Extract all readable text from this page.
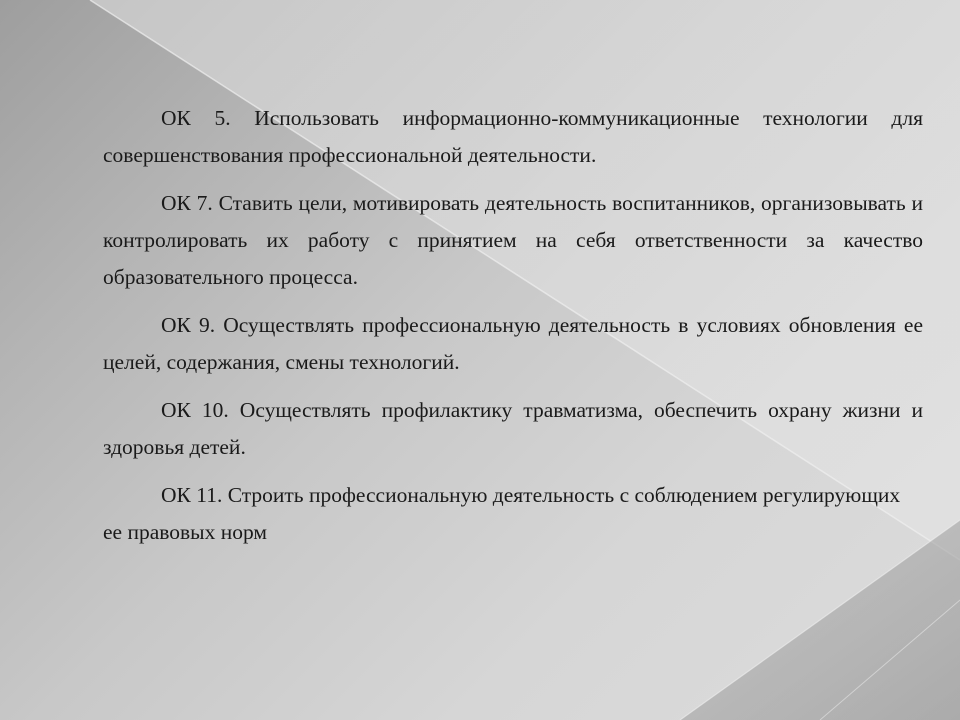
ОК 5. Использовать информационно-коммуникационные технологии для совершенствования профессиональной деятельности.

ОК 7. Ставить цели, мотивировать деятельность воспитанников, организовывать и контролировать их работу с принятием на себя ответственности за качество образовательного процесса.

ОК 9. Осуществлять профессиональную деятельность в условиях обновления ее целей, содержания, смены технологий.

ОК 10. Осуществлять профилактику травматизма, обеспечить охрану жизни и здоровья детей.

ОК 11. Строить профессиональную деятельность с соблюдением регулирующих ее правовых норм
